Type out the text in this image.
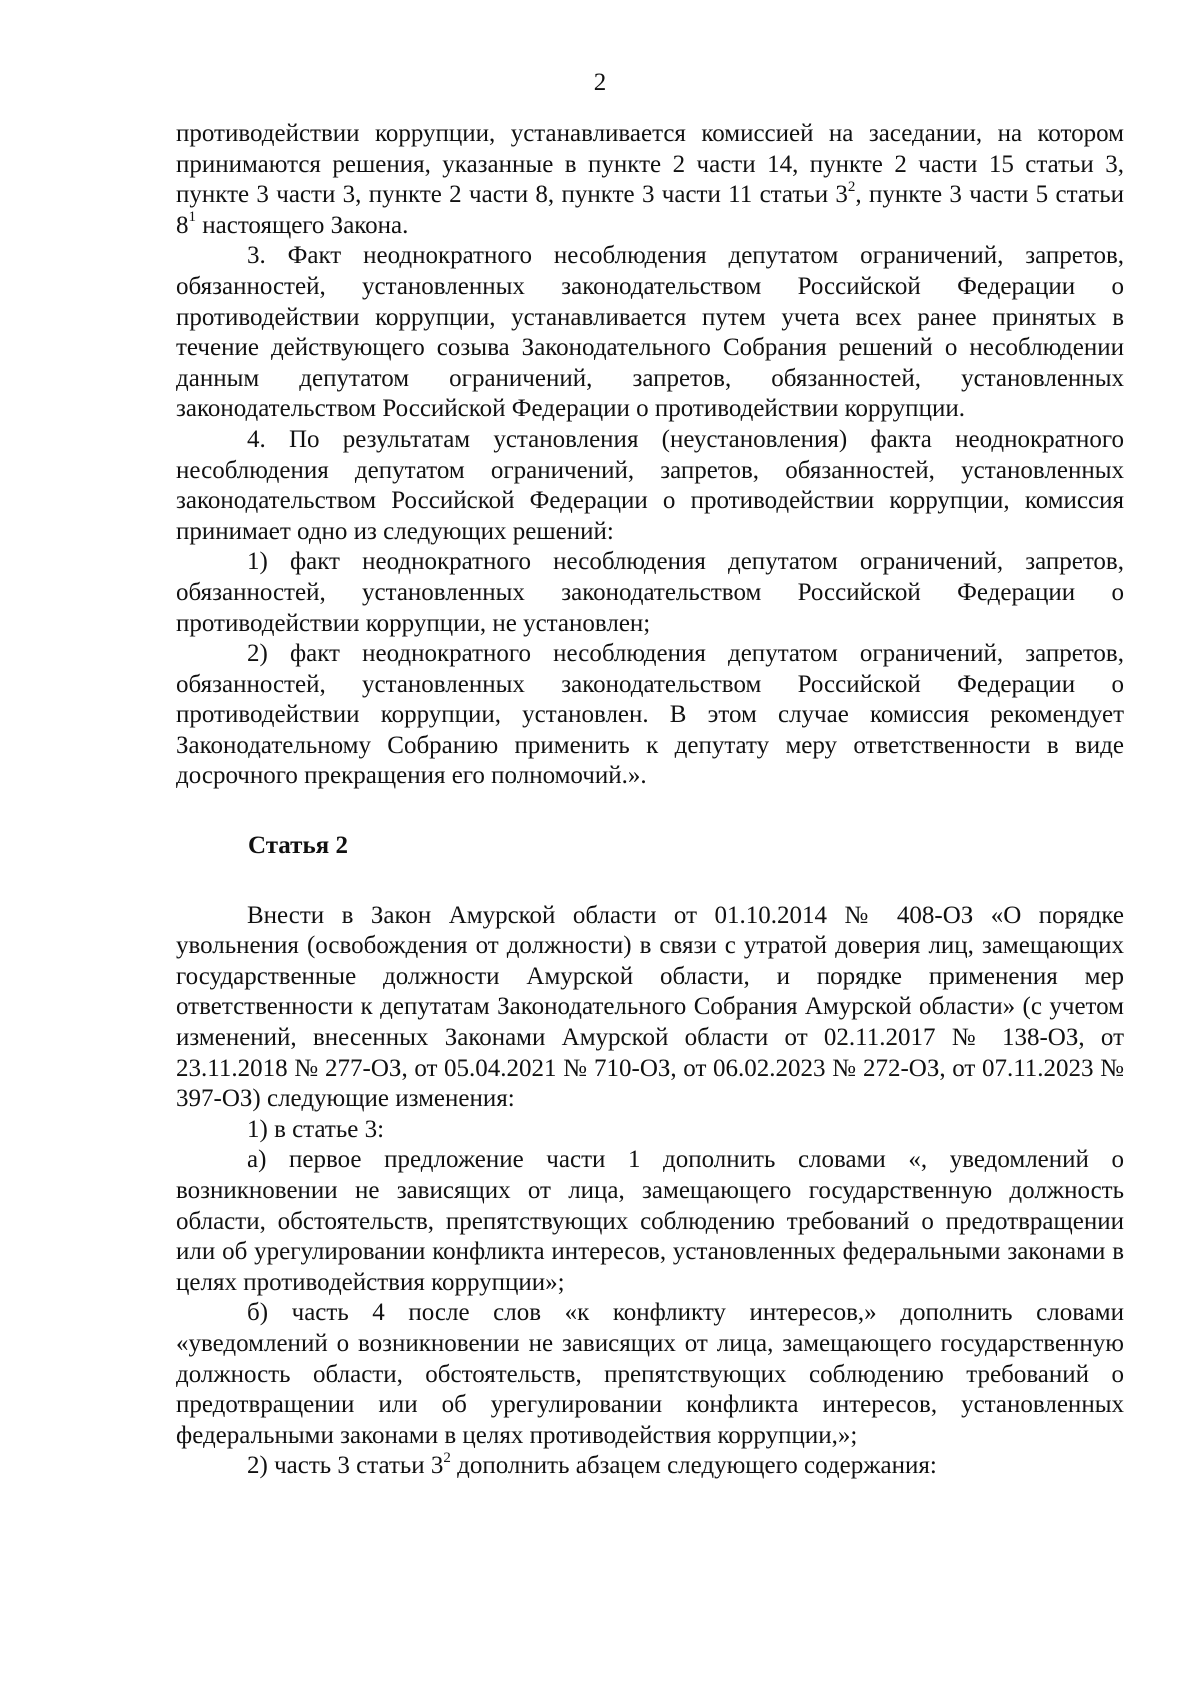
2

противодействии коррупции, устанавливается комиссией на заседании, на котором принимаются решения, указанные в пункте 2 части 14, пункте 2 части 15 статьи 3, пункте 3 части 3, пункте 2 части 8, пункте 3 части 11 статьи $3^2$, пункте 3 части 5 статьи $8^1$ настоящего Закона.

3. Факт неоднократного несоблюдения депутатом ограничений, запретов, обязанностей, установленных законодательством Российской Федерации о противодействии коррупции, устанавливается путем учета всех ранее принятых в течение действующего созыва Законодательного Собрания решений о несоблюдении данным депутатом ограничений, запретов, обязанностей, установленных законодательством Российской Федерации о противодействии коррупции.

4. По результатам установления (неустановления) факта неоднократного несоблюдения депутатом ограничений, запретов, обязанностей, установленных законодательством Российской Федерации о противодействии коррупции, комиссия принимает одно из следующих решений:

1) факт неоднократного несоблюдения депутатом ограничений, запретов, обязанностей, установленных законодательством Российской Федерации о противодействии коррупции, не установлен;

2) факт неоднократного несоблюдения депутатом ограничений, запретов, обязанностей, установленных законодательством Российской Федерации о противодействии коррупции, установлен. В этом случае комиссия рекомендует Законодательному Собранию применить к депутату меру ответственности в виде досрочного прекращения его полномочий.».

Статья 2

Внести в Закон Амурской области от 01.10.2014 № 408-ОЗ «О порядке увольнения (освобождения от должности) в связи с утратой доверия лиц, замещающих государственные должности Амурской области, и порядке применения мер ответственности к депутатам Законодательного Собрания Амурской области» (с учетом изменений, внесенных Законами Амурской области от 02.11.2017 № 138-ОЗ, от 23.11.2018 № 277-ОЗ, от 05.04.2021 № 710-ОЗ, от 06.02.2023 № 272-ОЗ, от 07.11.2023 № 397-ОЗ) следующие изменения:

1) в статье 3:

а) первое предложение части 1 дополнить словами «, уведомлений о возникновении не зависящих от лица, замещающего государственную должность области, обстоятельств, препятствующих соблюдению требований о предотвращении или об урегулировании конфликта интересов, установленных федеральными законами в целях противодействия коррупции»;

б) часть 4 после слов «к конфликту интересов,» дополнить словами «уведомлений о возникновении не зависящих от лица, замещающего государственную должность области, обстоятельств, препятствующих соблюдению требований о предотвращении или об урегулировании конфликта интересов, установленных федеральными законами в целях противодействия коррупции,»;

2) часть 3 статьи $3^2$ дополнить абзацем следующего содержания:
